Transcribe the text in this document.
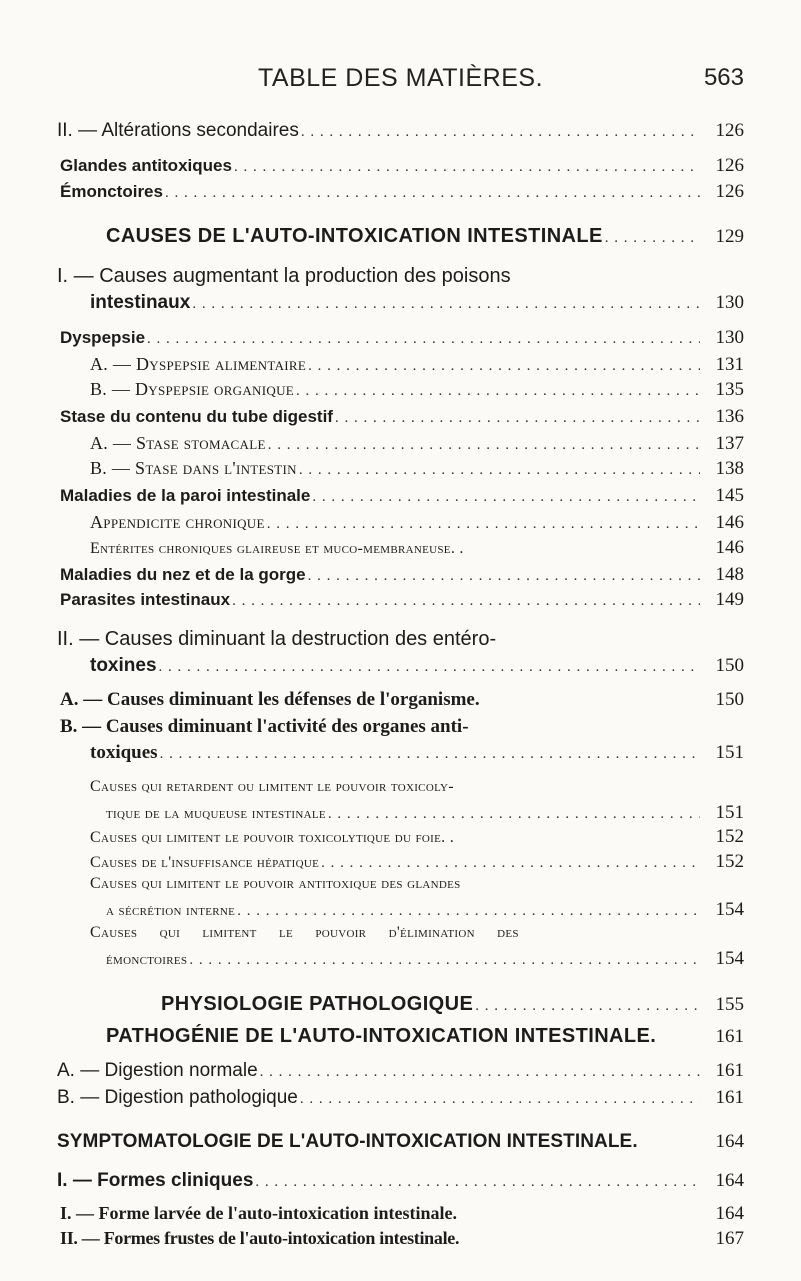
TABLE DES MATIÈRES.	563
II. — Altérations secondaires . . .	126
Glandes antitoxiques . . .	126
Émonctoires . . .	126
CAUSES DE L'AUTO-INTOXICATION INTESTINALE . . .	129
I. — Causes augmentant la production des poisons
intestinaux . . .	130
Dyspepsie . . .	130
A. — Dyspepsie alimentaire . . .	131
B. — Dyspepsie organique . . .	135
Stase du contenu du tube digestif . . .	136
A. — Stase stomacale . . .	137
B. — Stase dans l'intestin . . .	138
Maladies de la paroi intestinale . . .	145
Appendicite chronique . . .	146
Entérites chroniques glaireuse et muco-membraneuse. .	146
Maladies du nez et de la gorge . . .	148
Parasites intestinaux . . .	149
II. — Causes diminuant la destruction des entéro-
toxines . . .	150
A. — Causes diminuant les défenses de l'organisme.	150
B. — Causes diminuant l'activité des organes anti-
toxiques . . .	151
Causes qui retardent ou limitent le pouvoir toxicoly-
tique de la muqueuse intestinale . . .	151
Causes qui limitent le pouvoir toxicolytique du foie. .	152
Causes de l'insuffisance hépatique . . .	152
Causes qui limitent le pouvoir antitoxique des glandes
a sécrétion interne . . .	154
Causes qui limitent le pouvoir d'élimination des
émonctoires . . .	154
PHYSIOLOGIE PATHOLOGIQUE . . .	155
PATHOGÉNIE DE L'AUTO-INTOXICATION INTESTINALE.	161
A. — Digestion normale . . .	161
B. — Digestion pathologique . . .	161
SYMPTOMATOLOGIE DE L'AUTO-INTOXICATION INTESTINALE.	164
I. — Formes cliniques . . .	164
I. — Forme larvée de l'auto-intoxication intestinale.	164
II. — Formes frustes de l'auto-intoxication intestinale.	167
